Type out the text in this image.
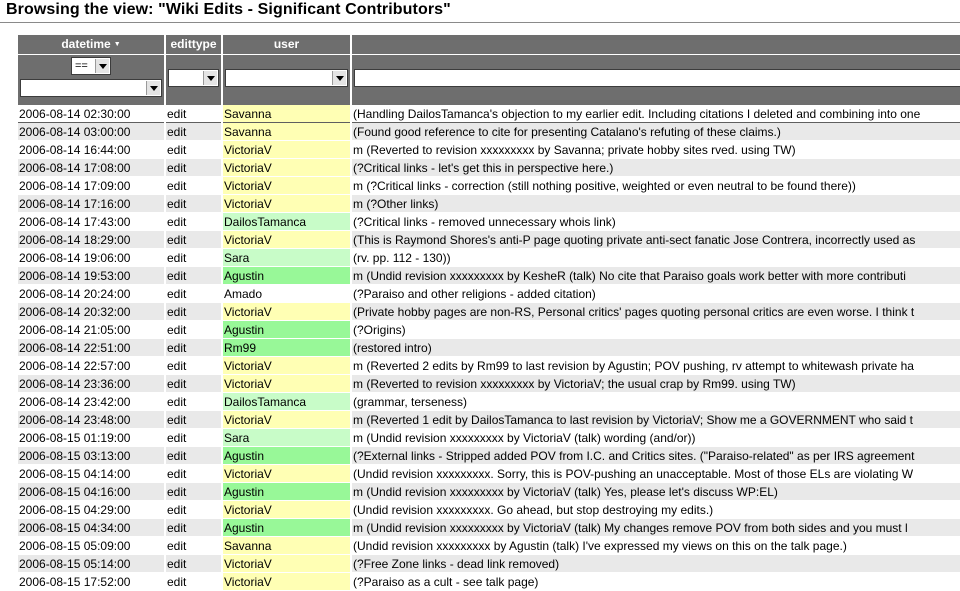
Browsing the view: "Wiki Edits - Significant Contributors"
datetime ▼	edittype	user
==
2006-08-14 02:30:00	edit	Savanna	(Handling DailosTamanca's objection to my earlier edit. Including citations I deleted and combining into one
2006-08-14 03:00:00	edit	Savanna	(Found good reference to cite for presenting Catalano's refuting of these claims.)
2006-08-14 16:44:00	edit	VictoriaV	m (Reverted to revision xxxxxxxxx by Savanna; private hobby sites rved. using TW)
2006-08-14 17:08:00	edit	VictoriaV	(?Critical links - let's get this in perspective here.)
2006-08-14 17:09:00	edit	VictoriaV	m (?Critical links - correction (still nothing positive, weighted or even neutral to be found there))
2006-08-14 17:16:00	edit	VictoriaV	m (?Other links)
2006-08-14 17:43:00	edit	DailosTamanca	(?Critical links - removed unnecessary whois link)
2006-08-14 18:29:00	edit	VictoriaV	(This is Raymond Shores's anti-P page quoting private anti-sect fanatic Jose Contrera, incorrectly used as
2006-08-14 19:06:00	edit	Sara	(rv. pp. 112 - 130))
2006-08-14 19:53:00	edit	Agustin	m (Undid revision xxxxxxxxx by KesheR (talk) No cite that Paraiso goals work better with more contributi
2006-08-14 20:24:00	edit	Amado	(?Paraiso and other religions - added citation)
2006-08-14 20:32:00	edit	VictoriaV	(Private hobby pages are non-RS, Personal critics' pages quoting personal critics are even worse. I think t
2006-08-14 21:05:00	edit	Agustin	(?Origins)
2006-08-14 22:51:00	edit	Rm99	(restored intro)
2006-08-14 22:57:00	edit	VictoriaV	m (Reverted 2 edits by Rm99 to last revision by Agustin; POV pushing, rv attempt to whitewash private ha
2006-08-14 23:36:00	edit	VictoriaV	m (Reverted to revision xxxxxxxxx by VictoriaV; the usual crap by Rm99. using TW)
2006-08-14 23:42:00	edit	DailosTamanca	(grammar, terseness)
2006-08-14 23:48:00	edit	VictoriaV	m (Reverted 1 edit by DailosTamanca to last revision by VictoriaV; Show me a GOVERNMENT who said t
2006-08-15 01:19:00	edit	Sara	m (Undid revision xxxxxxxxx by VictoriaV (talk) wording (and/or))
2006-08-15 03:13:00	edit	Agustin	(?External links - Stripped added POV from I.C. and Critics sites. ("Paraiso-related" as per IRS agreement
2006-08-15 04:14:00	edit	VictoriaV	(Undid revision xxxxxxxxx. Sorry, this is POV-pushing an unacceptable. Most of those ELs are violating W
2006-08-15 04:16:00	edit	Agustin	m (Undid revision xxxxxxxxx by VictoriaV (talk) Yes, please let's discuss WP:EL)
2006-08-15 04:29:00	edit	VictoriaV	(Undid revision xxxxxxxxx. Go ahead, but stop destroying my edits.)
2006-08-15 04:34:00	edit	Agustin	m (Undid revision xxxxxxxxx by VictoriaV (talk) My changes remove POV from both sides and you must l
2006-08-15 05:09:00	edit	Savanna	(Undid revision xxxxxxxxx by Agustin (talk) I've expressed my views on this on the talk page.)
2006-08-15 05:14:00	edit	VictoriaV	(?Free Zone links - dead link removed)
2006-08-15 17:52:00	edit	VictoriaV	(?Paraiso as a cult - see talk page)
